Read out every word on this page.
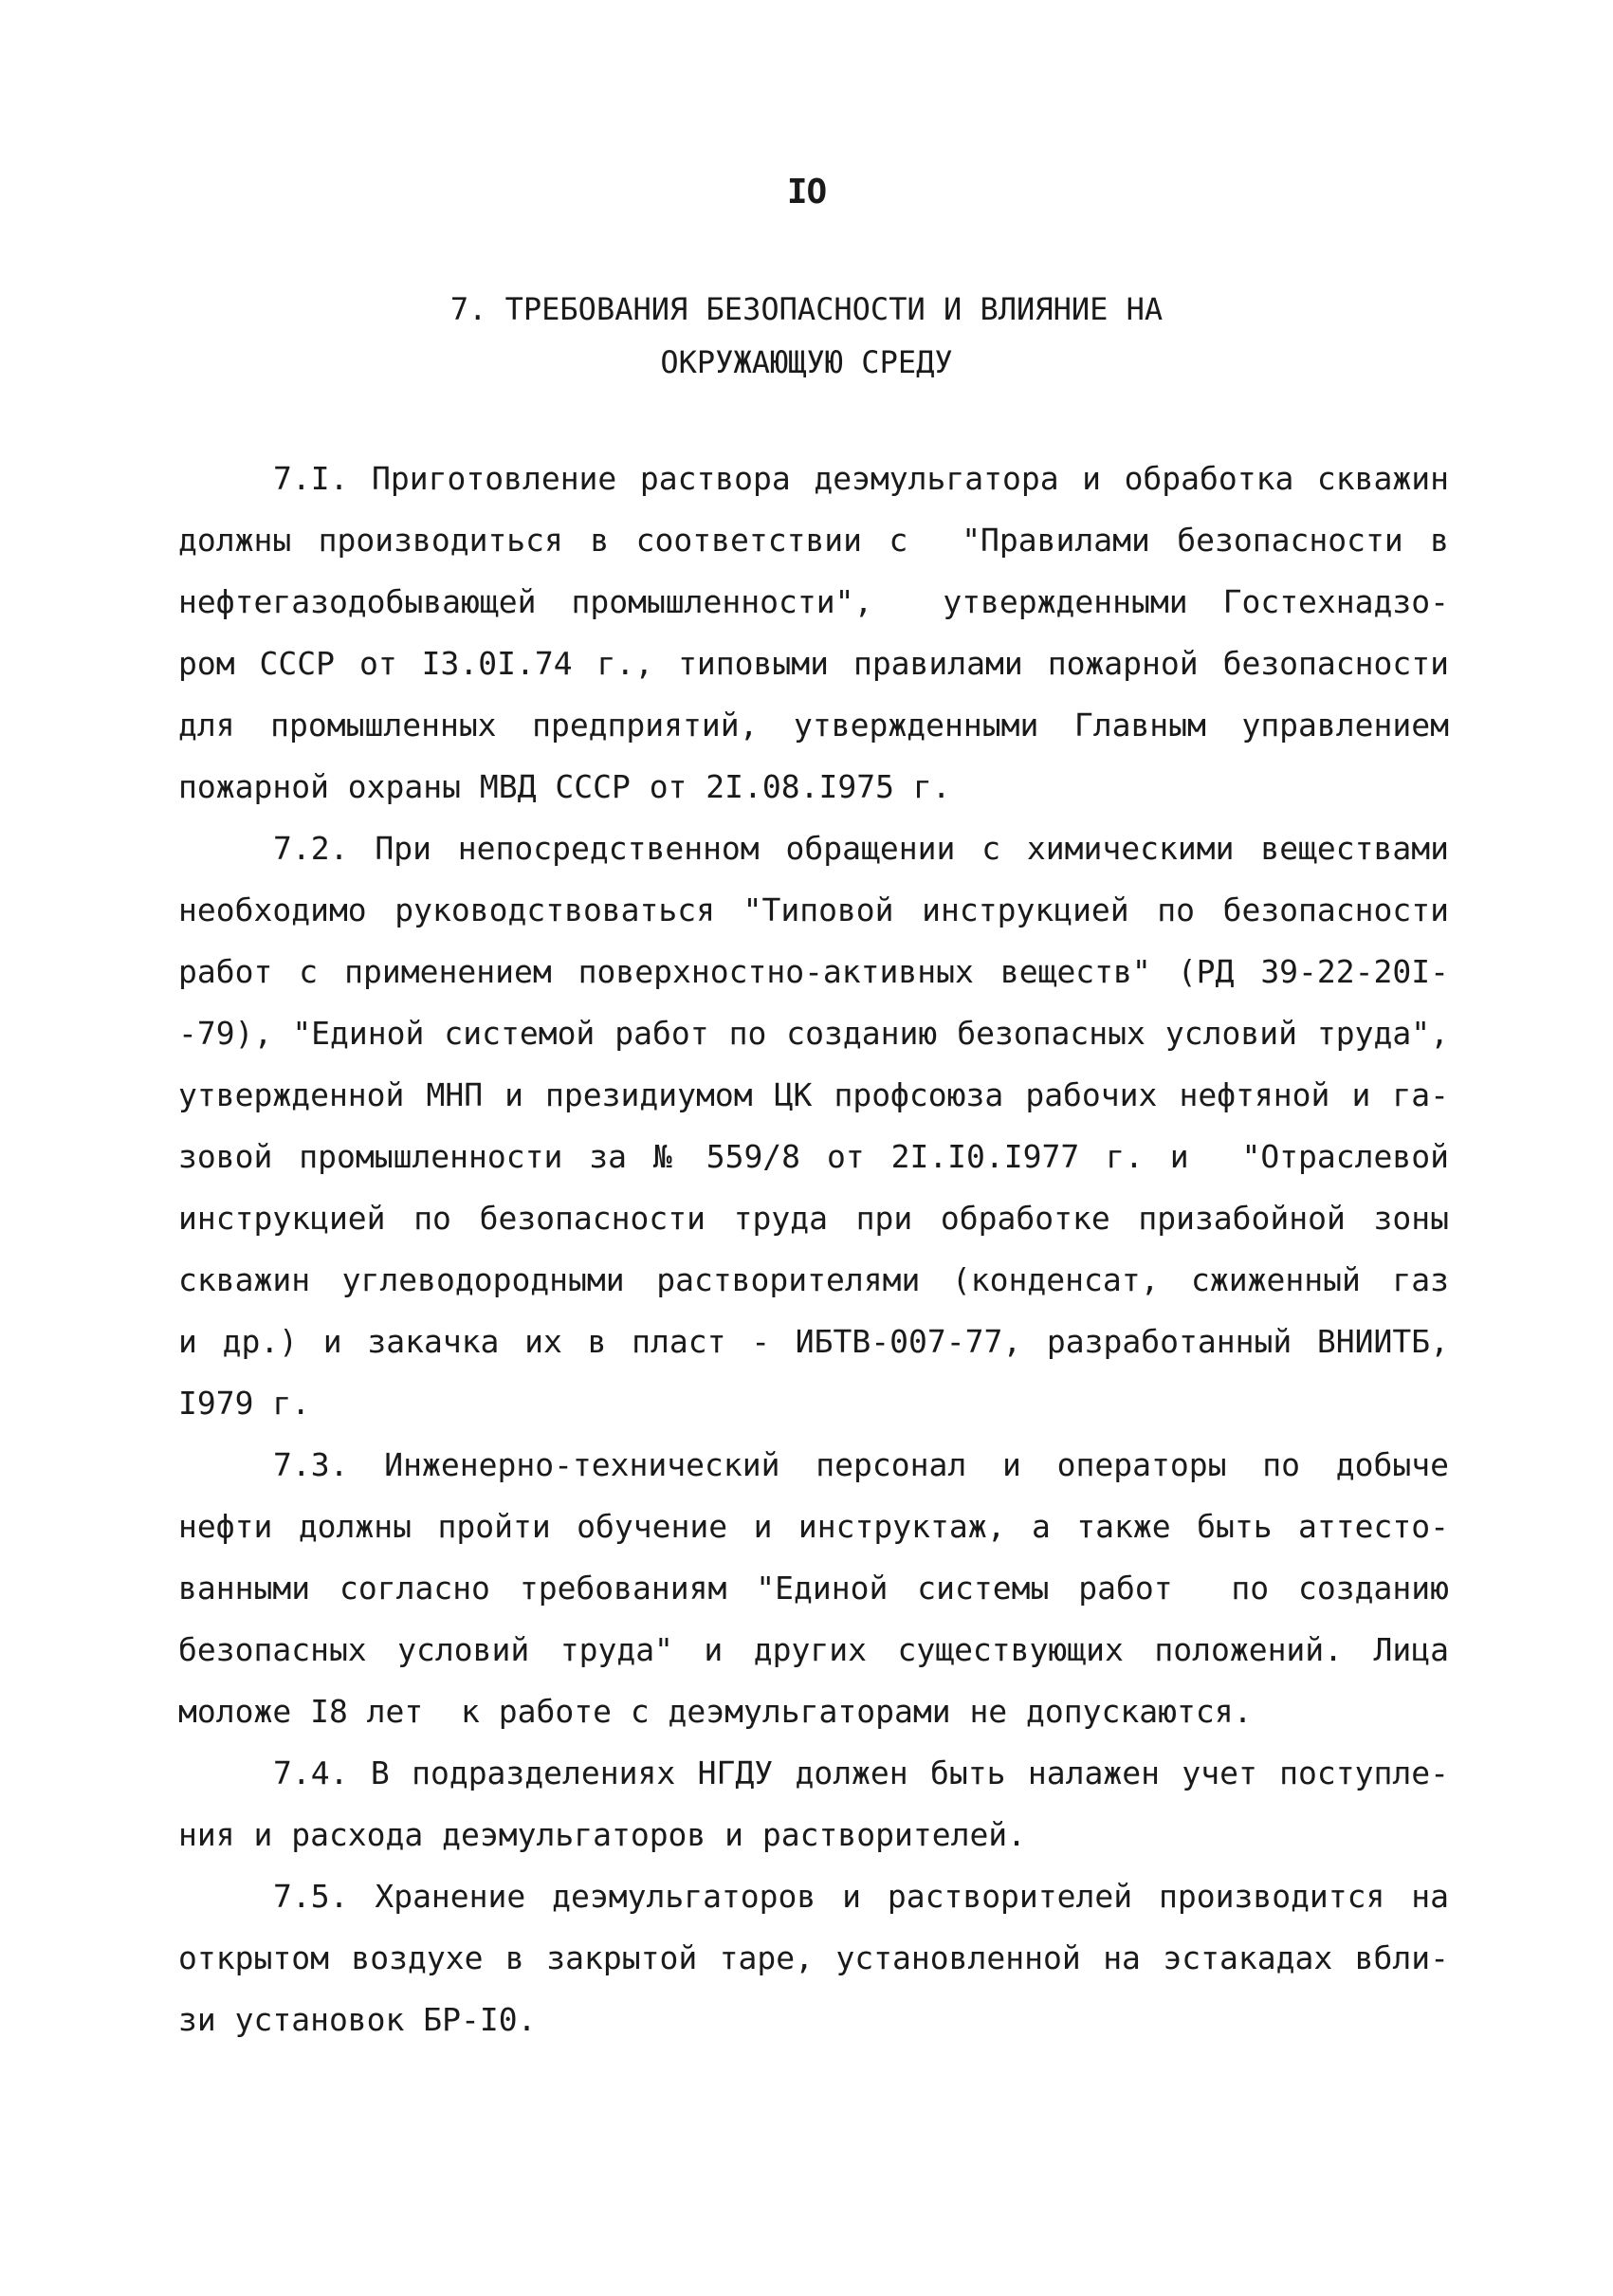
IO
7. ТРЕБОВАНИЯ БЕЗОПАСНОСТИ И ВЛИЯНИЕ НА
ОКРУЖАЮЩУЮ СРЕДУ
7.I. Приготовление раствора деэмульгатора и обработка скважин
должны производиться в соответствии с  "Правилами безопасности в
нефтегазодобывающей промышленности",  утвержденными Гостехнадзо-
ром СССР от I3.0I.74 г., типовыми правилами пожарной безопасности
для промышленных предприятий, утвержденными Главным управлением
пожарной охраны МВД СССР от 2I.08.I975 г.
7.2. При непосредственном обращении с химическими веществами
необходимо руководствоваться "Типовой инструкцией по безопасности
работ с применением поверхностно-активных веществ" (РД 39-22-20I-
-79), "Единой системой работ по созданию безопасных условий труда",
утвержденной МНП и президиумом ЦК профсоюза рабочих нефтяной и га-
зовой промышленности за № 559/8 от 2I.I0.I977 г. и  "Отраслевой
инструкцией по безопасности труда при обработке призабойной зоны
скважин углеводородными растворителями (конденсат, сжиженный газ
и др.) и закачка их в пласт - ИБТВ-007-77, разработанный ВНИИТБ,
I979 г.
7.3. Инженерно-технический персонал и операторы по добыче
нефти должны пройти обучение и инструктаж, а также быть аттесто-
ванными согласно требованиям "Единой системы работ  по созданию
безопасных условий труда" и других существующих положений. Лица
моложе I8 лет  к работе с деэмульгаторами не допускаются.
7.4. В подразделениях НГДУ должен быть налажен учет поступле-
ния и расхода деэмульгаторов и растворителей.
7.5. Хранение деэмульгаторов и растворителей производится на
открытом воздухе в закрытой таре, установленной на эстакадах вбли-
зи установок БР-I0.
